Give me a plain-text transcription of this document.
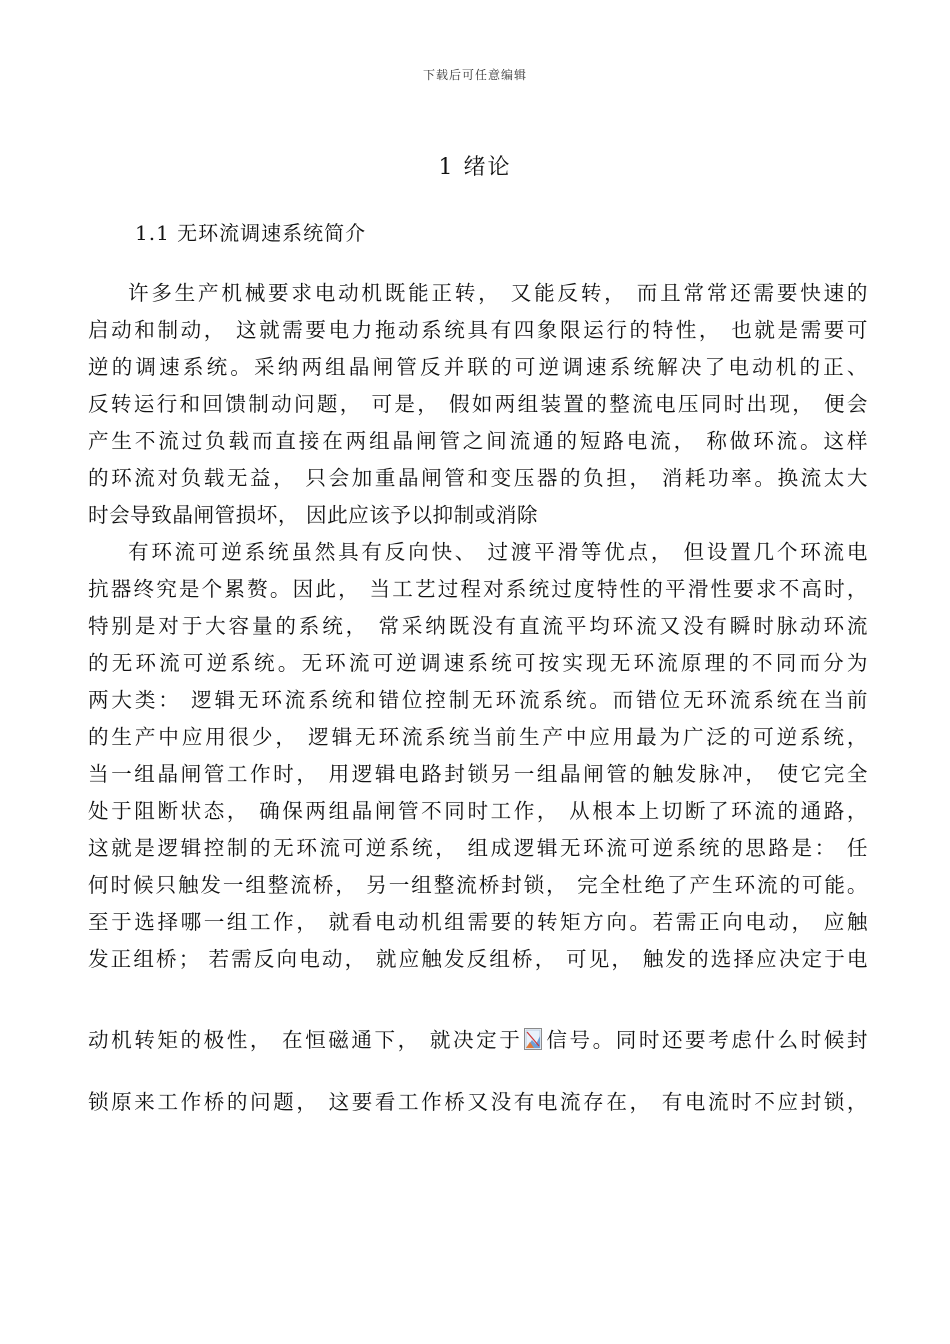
下载后可任意编辑
1 绪论
1.1 无环流调速系统简介
许多生产机械要求电动机既能正转， 又能反转， 而且常常还需要快速的
启动和制动， 这就需要电力拖动系统具有四象限运行的特性， 也就是需要可
逆的调速系统。采纳两组晶闸管反并联的可逆调速系统解决了电动机的正、
反转运行和回馈制动问题， 可是， 假如两组装置的整流电压同时出现， 便会
产生不流过负载而直接在两组晶闸管之间流通的短路电流， 称做环流。这样
的环流对负载无益， 只会加重晶闸管和变压器的负担， 消耗功率。换流太大
时会导致晶闸管损坏， 因此应该予以抑制或消除
有环流可逆系统虽然具有反向快、 过渡平滑等优点， 但设置几个环流电
抗器终究是个累赘。因此， 当工艺过程对系统过度特性的平滑性要求不高时，
特别是对于大容量的系统， 常采纳既没有直流平均环流又没有瞬时脉动环流
的无环流可逆系统。无环流可逆调速系统可按实现无环流原理的不同而分为
两大类： 逻辑无环流系统和错位控制无环流系统。而错位无环流系统在当前
的生产中应用很少， 逻辑无环流系统当前生产中应用最为广泛的可逆系统，
当一组晶闸管工作时， 用逻辑电路封锁另一组晶闸管的触发脉冲， 使它完全
处于阻断状态， 确保两组晶闸管不同时工作， 从根本上切断了环流的通路，
这就是逻辑控制的无环流可逆系统， 组成逻辑无环流可逆系统的思路是： 任
何时候只触发一组整流桥， 另一组整流桥封锁， 完全杜绝了产生环流的可能。
至于选择哪一组工作， 就看电动机组需要的转矩方向。若需正向电动， 应触
发正组桥； 若需反向电动， 就应触发反组桥， 可见， 触发的选择应决定于电
动机转矩的极性， 在恒磁通下， 就决定于 信号。同时还要考虑什么时候封
锁原来工作桥的问题， 这要看工作桥又没有电流存在， 有电流时不应封锁，
